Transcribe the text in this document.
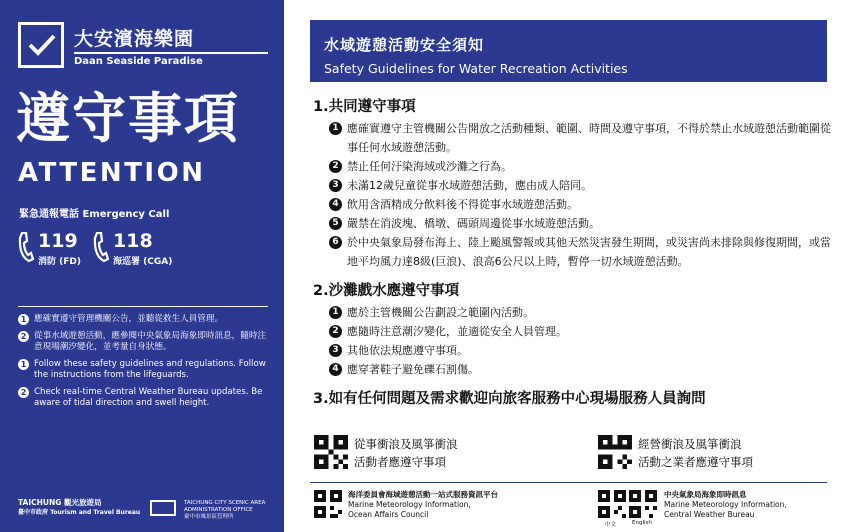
大安濱海樂園
Daan Seaside Paradise
遵守事項
ATTENTION
緊急通報電話 Emergency Call
119
消防 (FD)
118
海巡署 (CGA)
1 應確實遵守管理機關公告，並聽從救生人員管理。
2 從事水域遊憩活動，應參閱中央氣象局海象即時訊息，隨時注意現場潮汐變化，並考量自身狀態。
1 Follow these safety guidelines and regulations. Follow the instructions from the lifeguards.
2 Check real-time Central Weather Bureau updates. Be aware of tidal direction and swell height.
TAICHUNG 觀光旅遊局
臺中市政府 Tourism and Travel Bureau
TAICHUNG CITY SCENIC AREA
ADMINISTRATION OFFICE
臺中市風景區管理所
水域遊憩活動安全須知
Safety Guidelines for Water Recreation Activities
1.共同遵守事項
1 應確實遵守主管機關公告開放之活動種類、範圍、時間及遵守事項，不得於禁止水域遊憩活動範圍從事任何水域遊憩活動。
2 禁止任何汙染海域或沙灘之行為。
3 未滿12歲兒童從事水域遊憩活動，應由成人陪同。
4 飲用含酒精成分飲料後不得從事水域遊憩活動。
5 嚴禁在消波塊、橋墩、碼頭周邊從事水域遊憩活動。
6 於中央氣象局發布海上、陸上颱風警報或其他天然災害發生期間，或災害尚未排除與修復期間，或當地平均風力達8級(巨浪)、浪高6公尺以上時，暫停一切水域遊憩活動。
2.沙灘戲水應遵守事項
1 應於主管機關公告劃設之範圍內活動。
2 應隨時注意潮汐變化，並適從安全人員管理。
3 其他依法規應遵守事項。
4 應穿著鞋子避免礫石割傷。
3.如有任何問題及需求歡迎向旅客服務中心現場服務人員詢問
從事衝浪及風箏衝浪
活動者應遵守事項
經營衝浪及風箏衝浪
活動之業者應遵守事項
海洋委員會海域遊憩活動一站式服務資訊平台
Marine Meteorology Information,
Ocean Affairs Council
中文	English
中央氣象局海象即時訊息
Marine Meteorology Information,
Central Weather Bureau
